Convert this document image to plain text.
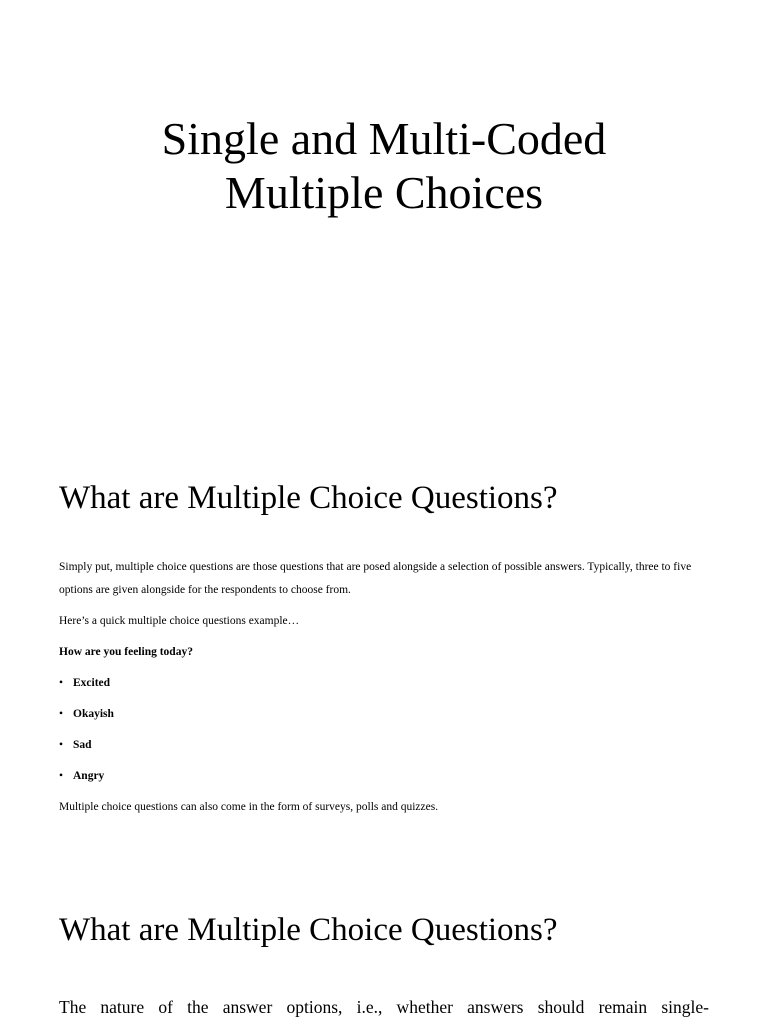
Single and Multi-Coded
Multiple Choices
What are Multiple Choice Questions?

Simply put, multiple choice questions are those questions that are posed alongside a selection of possible answers. Typically, three to five options are given alongside for the respondents to choose from.

Here’s a quick multiple choice questions example…

How are you feeling today?

• Excited
• Okayish
• Sad
• Angry

Multiple choice questions can also come in the form of surveys, polls and quizzes.

What are Multiple Choice Questions?

The nature of the answer options, i.e., whether answers should remain single-
